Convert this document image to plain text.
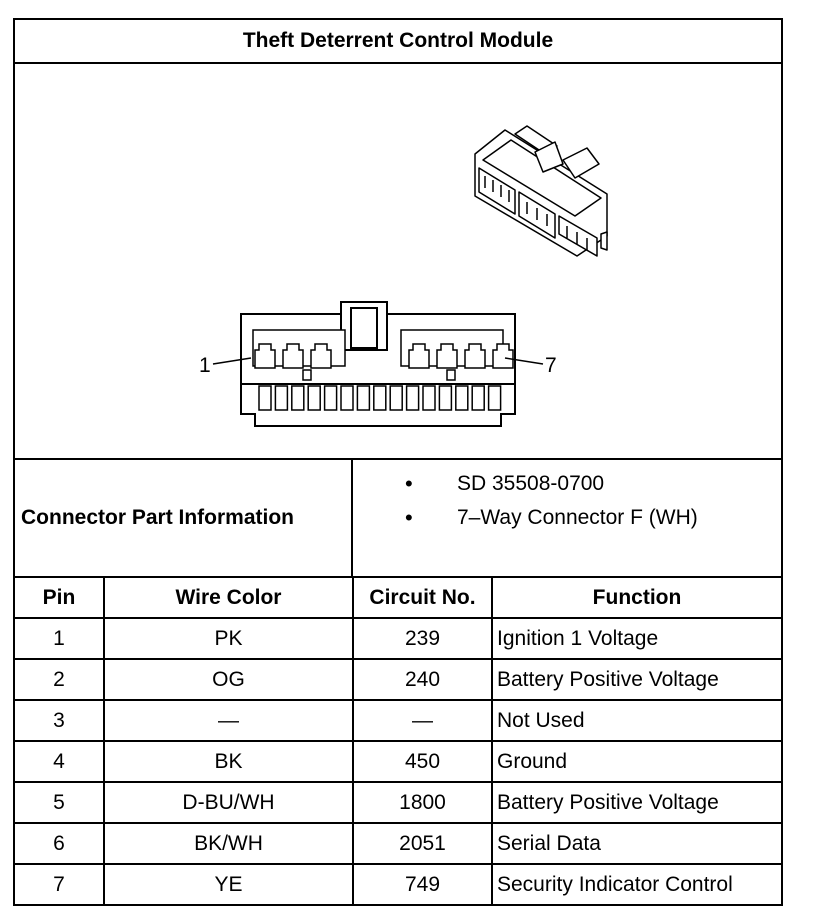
Theft Deterrent Control Module
1	7
Connector Part Information
• SD 35508-0700
• 7–Way Connector F (WH)
Pin	Wire Color	Circuit No.	Function
1	PK	239	Ignition 1 Voltage
2	OG	240	Battery Positive Voltage
3	—	—	Not Used
4	BK	450	Ground
5	D-BU/WH	1800	Battery Positive Voltage
6	BK/WH	2051	Serial Data
7	YE	749	Security Indicator Control
